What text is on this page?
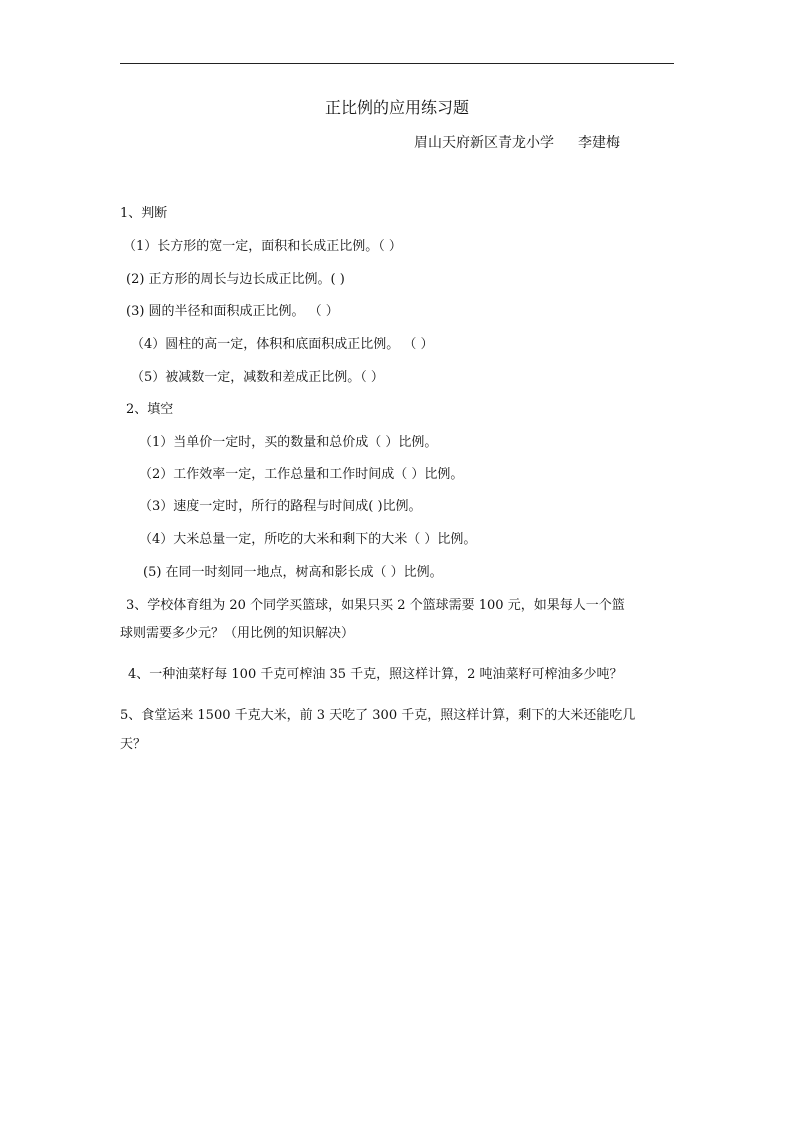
正比例的应用练习题
眉山天府新区青龙小学 李建梅
1、判断
（1）长方形的宽一定，面积和长成正比例。（ ）
(2) 正方形的周长与边长成正比例。( )
(3) 圆的半径和面积成正比例。 （ ）
（4）圆柱的高一定，体积和底面积成正比例。 （ ）
（5）被减数一定，减数和差成正比例。（ ）
2、填空
（1）当单价一定时，买的数量和总价成（ ）比例。
（2）工作效率一定，工作总量和工作时间成（ ）比例。
（3）速度一定时，所行的路程与时间成( )比例。
（4）大米总量一定，所吃的大米和剩下的大米（ ）比例。
(5) 在同一时刻同一地点，树高和影长成（ ）比例。
3、学校体育组为 20 个同学买篮球，如果只买 2 个篮球需要 100 元，如果每人一个篮
球则需要多少元？（用比例的知识解决）
4、一种油菜籽每 100 千克可榨油 35 千克，照这样计算，2 吨油菜籽可榨油多少吨？
5、食堂运来 1500 千克大米，前 3 天吃了 300 千克，照这样计算，剩下的大米还能吃几
天？
